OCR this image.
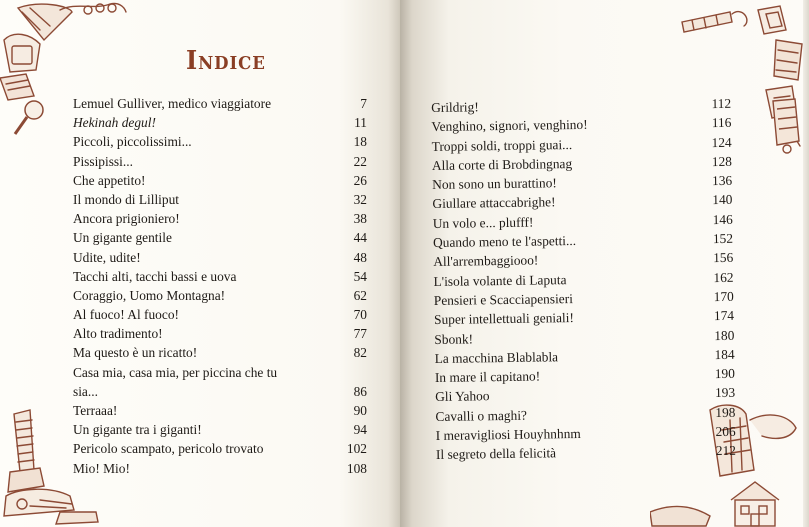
Indice
Lemuel Gulliver, medico viaggiatore	7
Hekinah degul!	11
Piccoli, piccolissimi...	18
Pissipissi...	22
Che appetito!	26
Il mondo di Lilliput	32
Ancora prigioniero!	38
Un gigante gentile	44
Udite, udite!	48
Tacchi alti, tacchi bassi e uova	54
Coraggio, Uomo Montagna!	62
Al fuoco! Al fuoco!	70
Alto tradimento!	77
Ma questo è un ricatto!	82
Casa mia, casa mia, per piccina che tu sia...	86
Terraaa!	90
Un gigante tra i giganti!	94
Pericolo scampato, pericolo trovato	102
Mio! Mio!	108
Grildrig!	112
Venghino, signori, venghino!	116
Troppi soldi, troppi guai...	124
Alla corte di Brobdingnag	128
Non sono un burattino!	136
Giullare attaccabrighe!	140
Un volo e... plufff!	146
Quando meno te l'aspetti...	152
All'arrembaggiooo!	156
L'isola volante di Laputa	162
Pensieri e Scacciapensieri	170
Super intellettuali geniali!	174
Sbonk!	180
La macchina Blablabla	184
In mare il capitano!	190
Gli Yahoo	193
Cavalli o maghi?	198
I meravigliosi Houyhnhnm	206
Il segreto della felicità	212
